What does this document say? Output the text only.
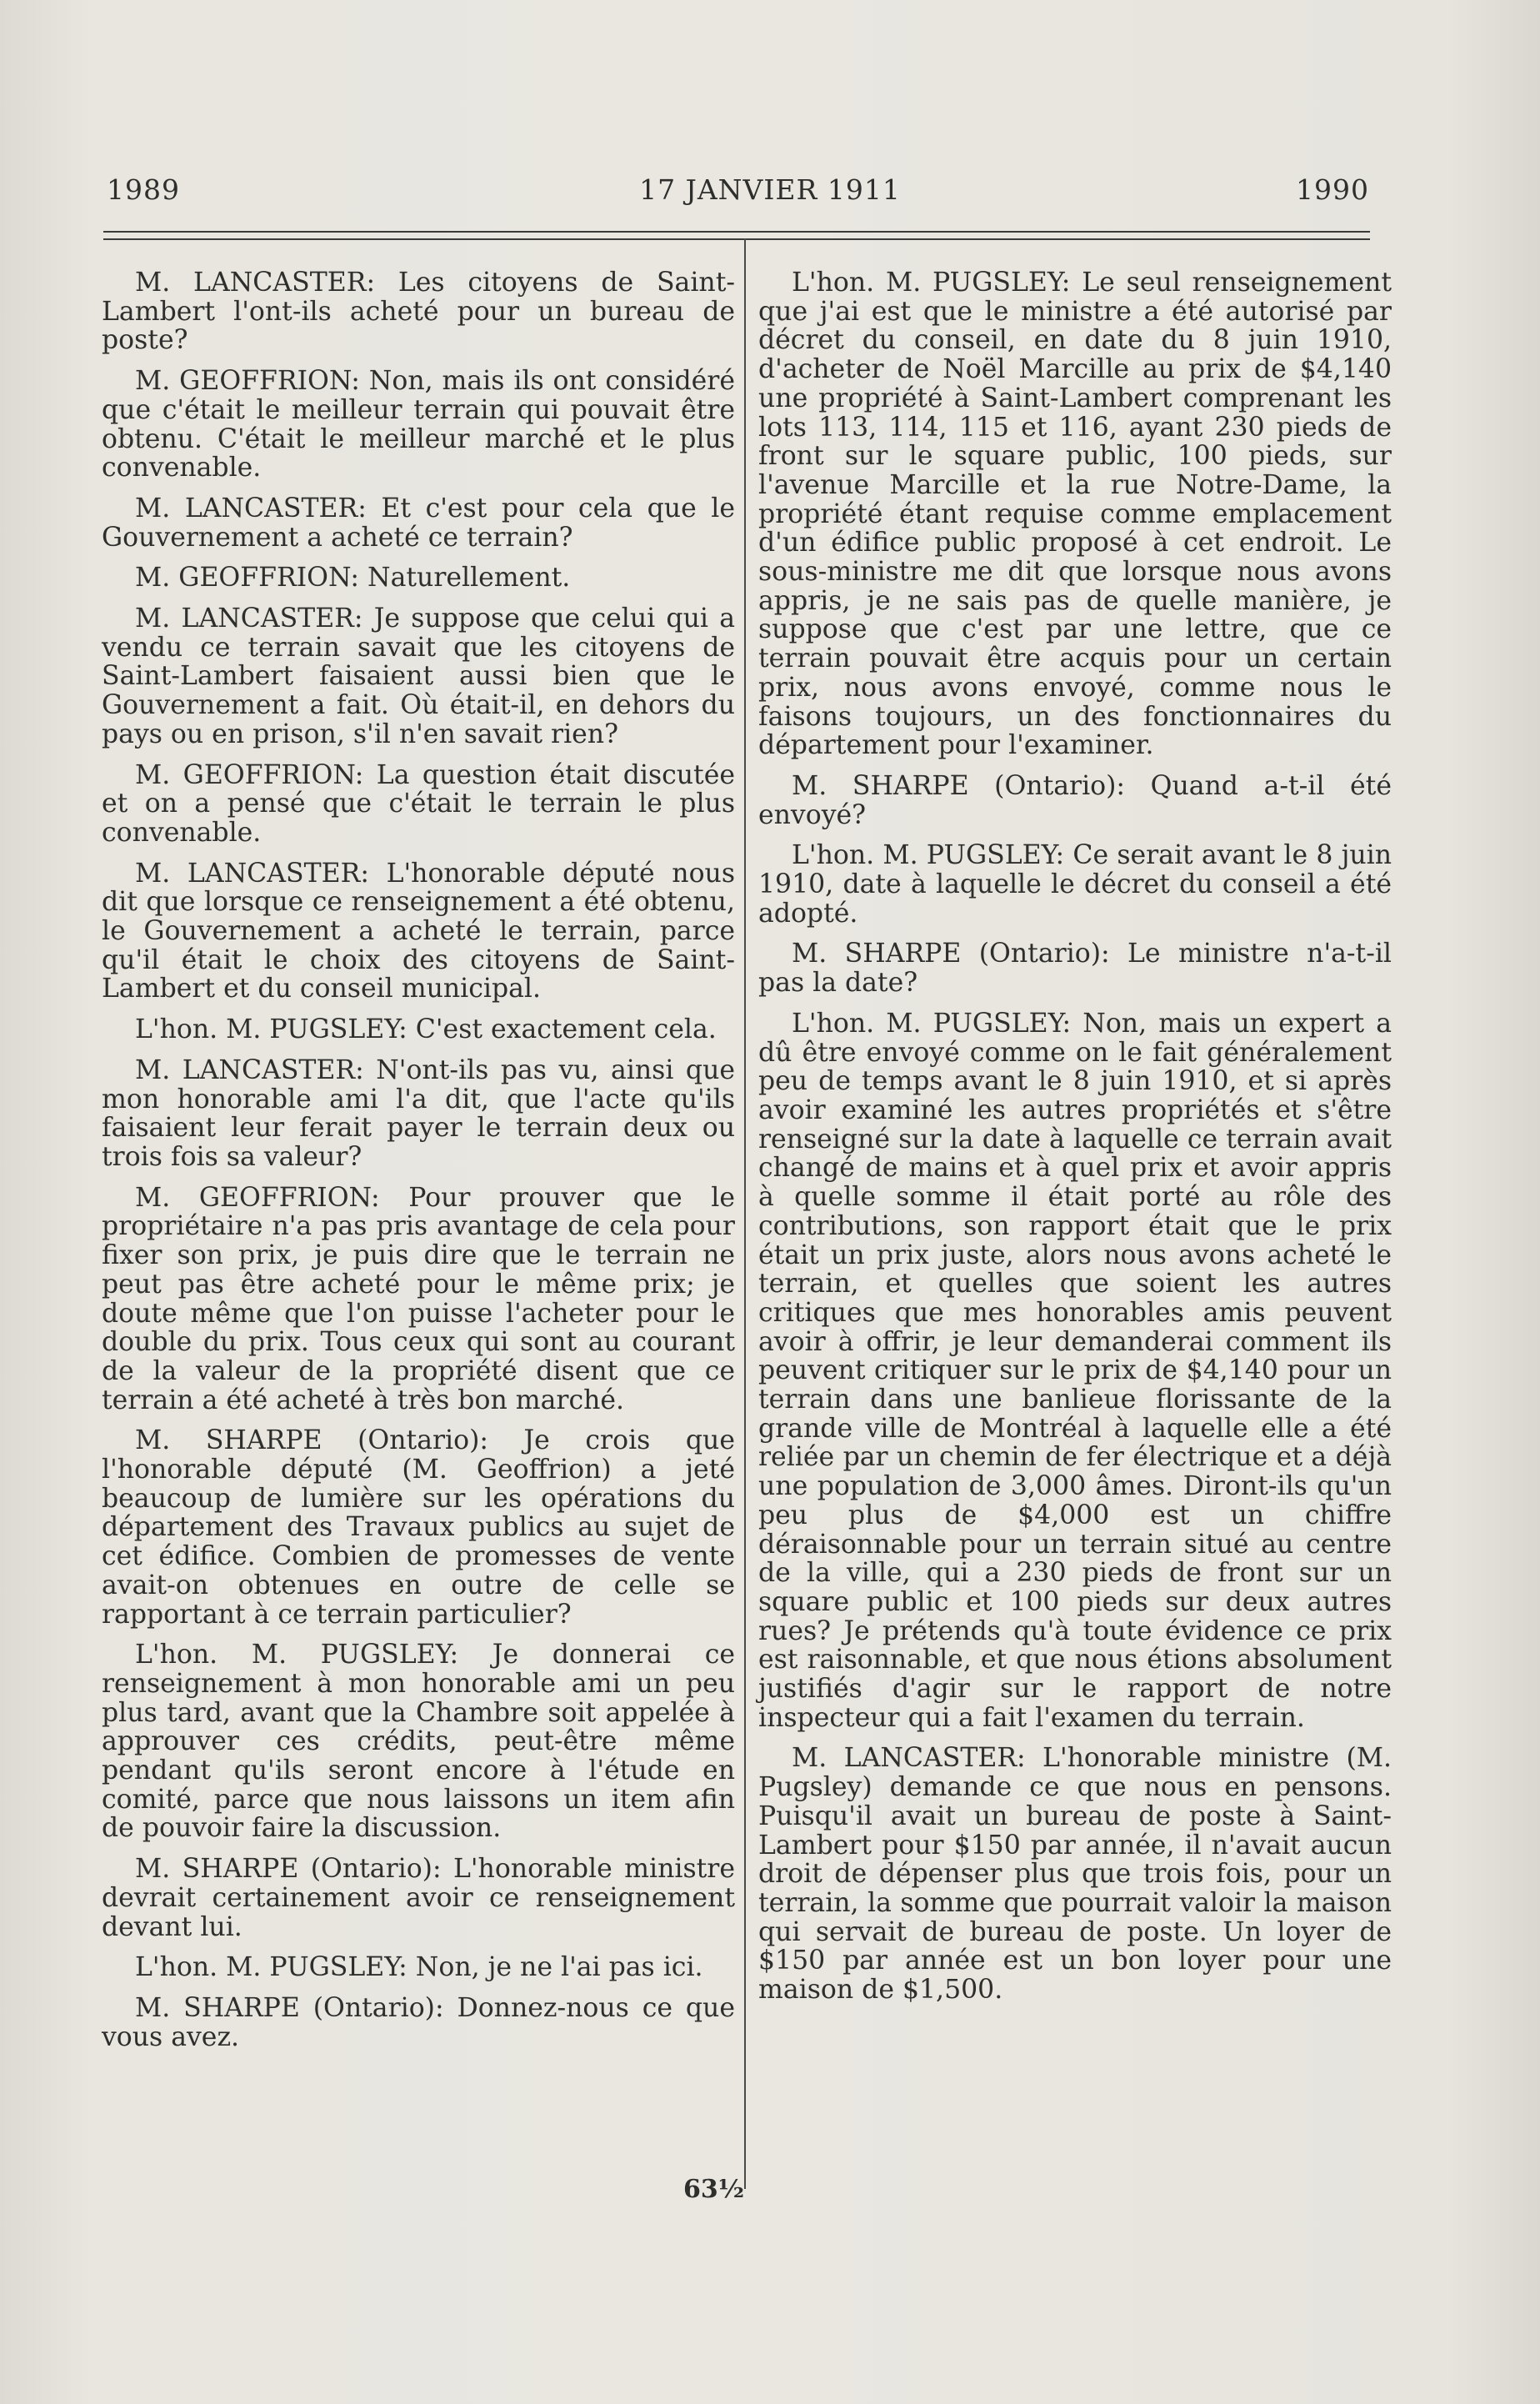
1989	17 JANVIER 1911	1990

M. LANCASTER: Les citoyens de Saint-Lambert l'ont-ils acheté pour un bureau de poste?

M. GEOFFRION: Non, mais ils ont considéré que c'était le meilleur terrain qui pouvait être obtenu. C'était le meilleur marché et le plus convenable.

M. LANCASTER: Et c'est pour cela que le Gouvernement a acheté ce terrain?

M. GEOFFRION: Naturellement.

M. LANCASTER: Je suppose que celui qui a vendu ce terrain savait que les citoyens de Saint-Lambert faisaient aussi bien que le Gouvernement a fait. Où était-il, en dehors du pays ou en prison, s'il n'en savait rien?

M. GEOFFRION: La question était discutée et on a pensé que c'était le terrain le plus convenable.

M. LANCASTER: L'honorable député nous dit que lorsque ce renseignement a été obtenu, le Gouvernement a acheté le terrain, parce qu'il était le choix des citoyens de Saint-Lambert et du conseil municipal.

L'hon. M. PUGSLEY: C'est exactement cela.

M. LANCASTER: N'ont-ils pas vu, ainsi que mon honorable ami l'a dit, que l'acte qu'ils faisaient leur ferait payer le terrain deux ou trois fois sa valeur?

M. GEOFFRION: Pour prouver que le propriétaire n'a pas pris avantage de cela pour fixer son prix, je puis dire que le terrain ne peut pas être acheté pour le même prix; je doute même que l'on puisse l'acheter pour le double du prix. Tous ceux qui sont au courant de la valeur de la propriété disent que ce terrain a été acheté à très bon marché.

M. SHARPE (Ontario): Je crois que l'honorable député (M. Geoffrion) a jeté beaucoup de lumière sur les opérations du département des Travaux publics au sujet de cet édifice. Combien de promesses de vente avait-on obtenues en outre de celle se rapportant à ce terrain particulier?

L'hon. M. PUGSLEY: Je donnerai ce renseignement à mon honorable ami un peu plus tard, avant que la Chambre soit appelée à approuver ces crédits, peut-être même pendant qu'ils seront encore à l'étude en comité, parce que nous laissons un item afin de pouvoir faire la discussion.

M. SHARPE (Ontario): L'honorable ministre devrait certainement avoir ce renseignement devant lui.

L'hon. M. PUGSLEY: Non, je ne l'ai pas ici.

M. SHARPE (Ontario): Donnez-nous ce que vous avez.

L'hon. M. PUGSLEY: Le seul renseignement que j'ai est que le ministre a été autorisé par décret du conseil, en date du 8 juin 1910, d'acheter de Noël Marcille au prix de $4,140 une propriété à Saint-Lambert comprenant les lots 113, 114, 115 et 116, ayant 230 pieds de front sur le square public, 100 pieds, sur l'avenue Marcille et la rue Notre-Dame, la propriété étant requise comme emplacement d'un édifice public proposé à cet endroit. Le sous-ministre me dit que lorsque nous avons appris, je ne sais pas de quelle manière, je suppose que c'est par une lettre, que ce terrain pouvait être acquis pour un certain prix, nous avons envoyé, comme nous le faisons toujours, un des fonctionnaires du département pour l'examiner.

M. SHARPE (Ontario): Quand a-t-il été envoyé?

L'hon. M. PUGSLEY: Ce serait avant le 8 juin 1910, date à laquelle le décret du conseil a été adopté.

M. SHARPE (Ontario): Le ministre n'a-t-il pas la date?

L'hon. M. PUGSLEY: Non, mais un expert a dû être envoyé comme on le fait généralement peu de temps avant le 8 juin 1910, et si après avoir examiné les autres propriétés et s'être renseigné sur la date à laquelle ce terrain avait changé de mains et à quel prix et avoir appris à quelle somme il était porté au rôle des contributions, son rapport était que le prix était un prix juste, alors nous avons acheté le terrain, et quelles que soient les autres critiques que mes honorables amis peuvent avoir à offrir, je leur demanderai comment ils peuvent critiquer sur le prix de $4,140 pour un terrain dans une banlieue florissante de la grande ville de Montréal à laquelle elle a été reliée par un chemin de fer électrique et a déjà une population de 3,000 âmes. Diront-ils qu'un peu plus de $4,000 est un chiffre déraisonnable pour un terrain situé au centre de la ville, qui a 230 pieds de front sur un square public et 100 pieds sur deux autres rues? Je prétends qu'à toute évidence ce prix est raisonnable, et que nous étions absolument justifiés d'agir sur le rapport de notre inspecteur qui a fait l'examen du terrain.

M. LANCASTER: L'honorable ministre (M. Pugsley) demande ce que nous en pensons. Puisqu'il avait un bureau de poste à Saint-Lambert pour $150 par année, il n'avait aucun droit de dépenser plus que trois fois, pour un terrain, la somme que pourrait valoir la maison qui servait de bureau de poste. Un loyer de $150 par année est un bon loyer pour une maison de $1,500.

63½
